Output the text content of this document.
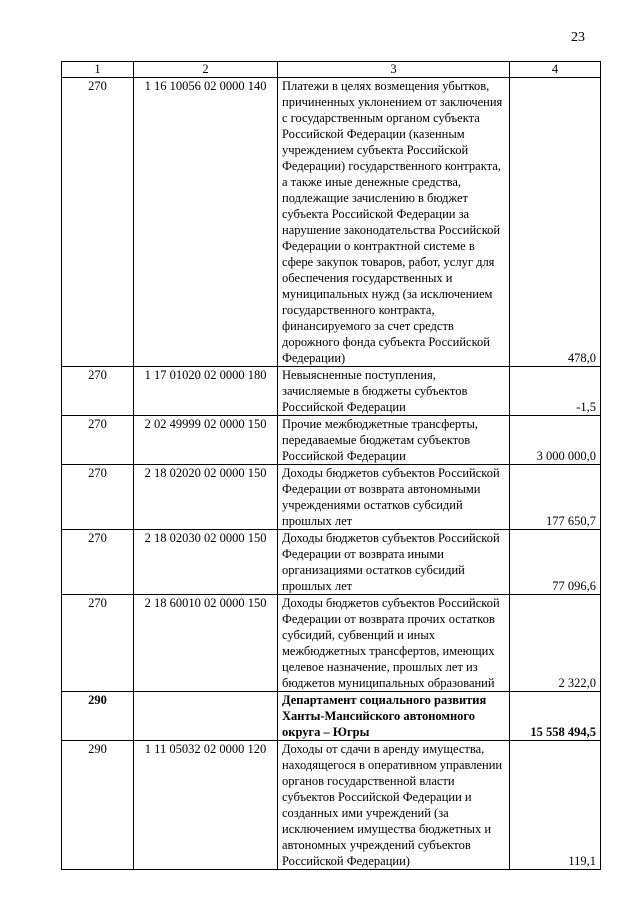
23
1	2	3	4
270	1 16 10056 02 0000 140	Платежи в целях возмещения убытков, причиненных уклонением от заключения с государственным органом субъекта Российской Федерации (казенным учреждением субъекта Российской Федерации) государственного контракта, а также иные денежные средства, подлежащие зачислению в бюджет субъекта Российской Федерации за нарушение законодательства Российской Федерации о контрактной системе в сфере закупок товаров, работ, услуг для обеспечения государственных и муниципальных нужд (за исключением государственного контракта, финансируемого за счет средств дорожного фонда субъекта Российской Федерации)	478,0
270	1 17 01020 02 0000 180	Невыясненные поступления, зачисляемые в бюджеты субъектов Российской Федерации	-1,5
270	2 02 49999 02 0000 150	Прочие межбюджетные трансферты, передаваемые бюджетам субъектов Российской Федерации	3 000 000,0
270	2 18 02020 02 0000 150	Доходы бюджетов субъектов Российской Федерации от возврата автономными учреждениями остатков субсидий прошлых лет	177 650,7
270	2 18 02030 02 0000 150	Доходы бюджетов субъектов Российской Федерации от возврата иными организациями остатков субсидий прошлых лет	77 096,6
270	2 18 60010 02 0000 150	Доходы бюджетов субъектов Российской Федерации от возврата прочих остатков субсидий, субвенций и иных межбюджетных трансфертов, имеющих целевое назначение, прошлых лет из бюджетов муниципальных образований	2 322,0
290		Департамент социального развития Ханты-Мансийского автономного округа – Югры	15 558 494,5
290	1 11 05032 02 0000 120	Доходы от сдачи в аренду имущества, находящегося в оперативном управлении органов государственной власти субъектов Российской Федерации и созданных ими учреждений (за исключением имущества бюджетных и автономных учреждений субъектов Российской Федерации)	119,1
